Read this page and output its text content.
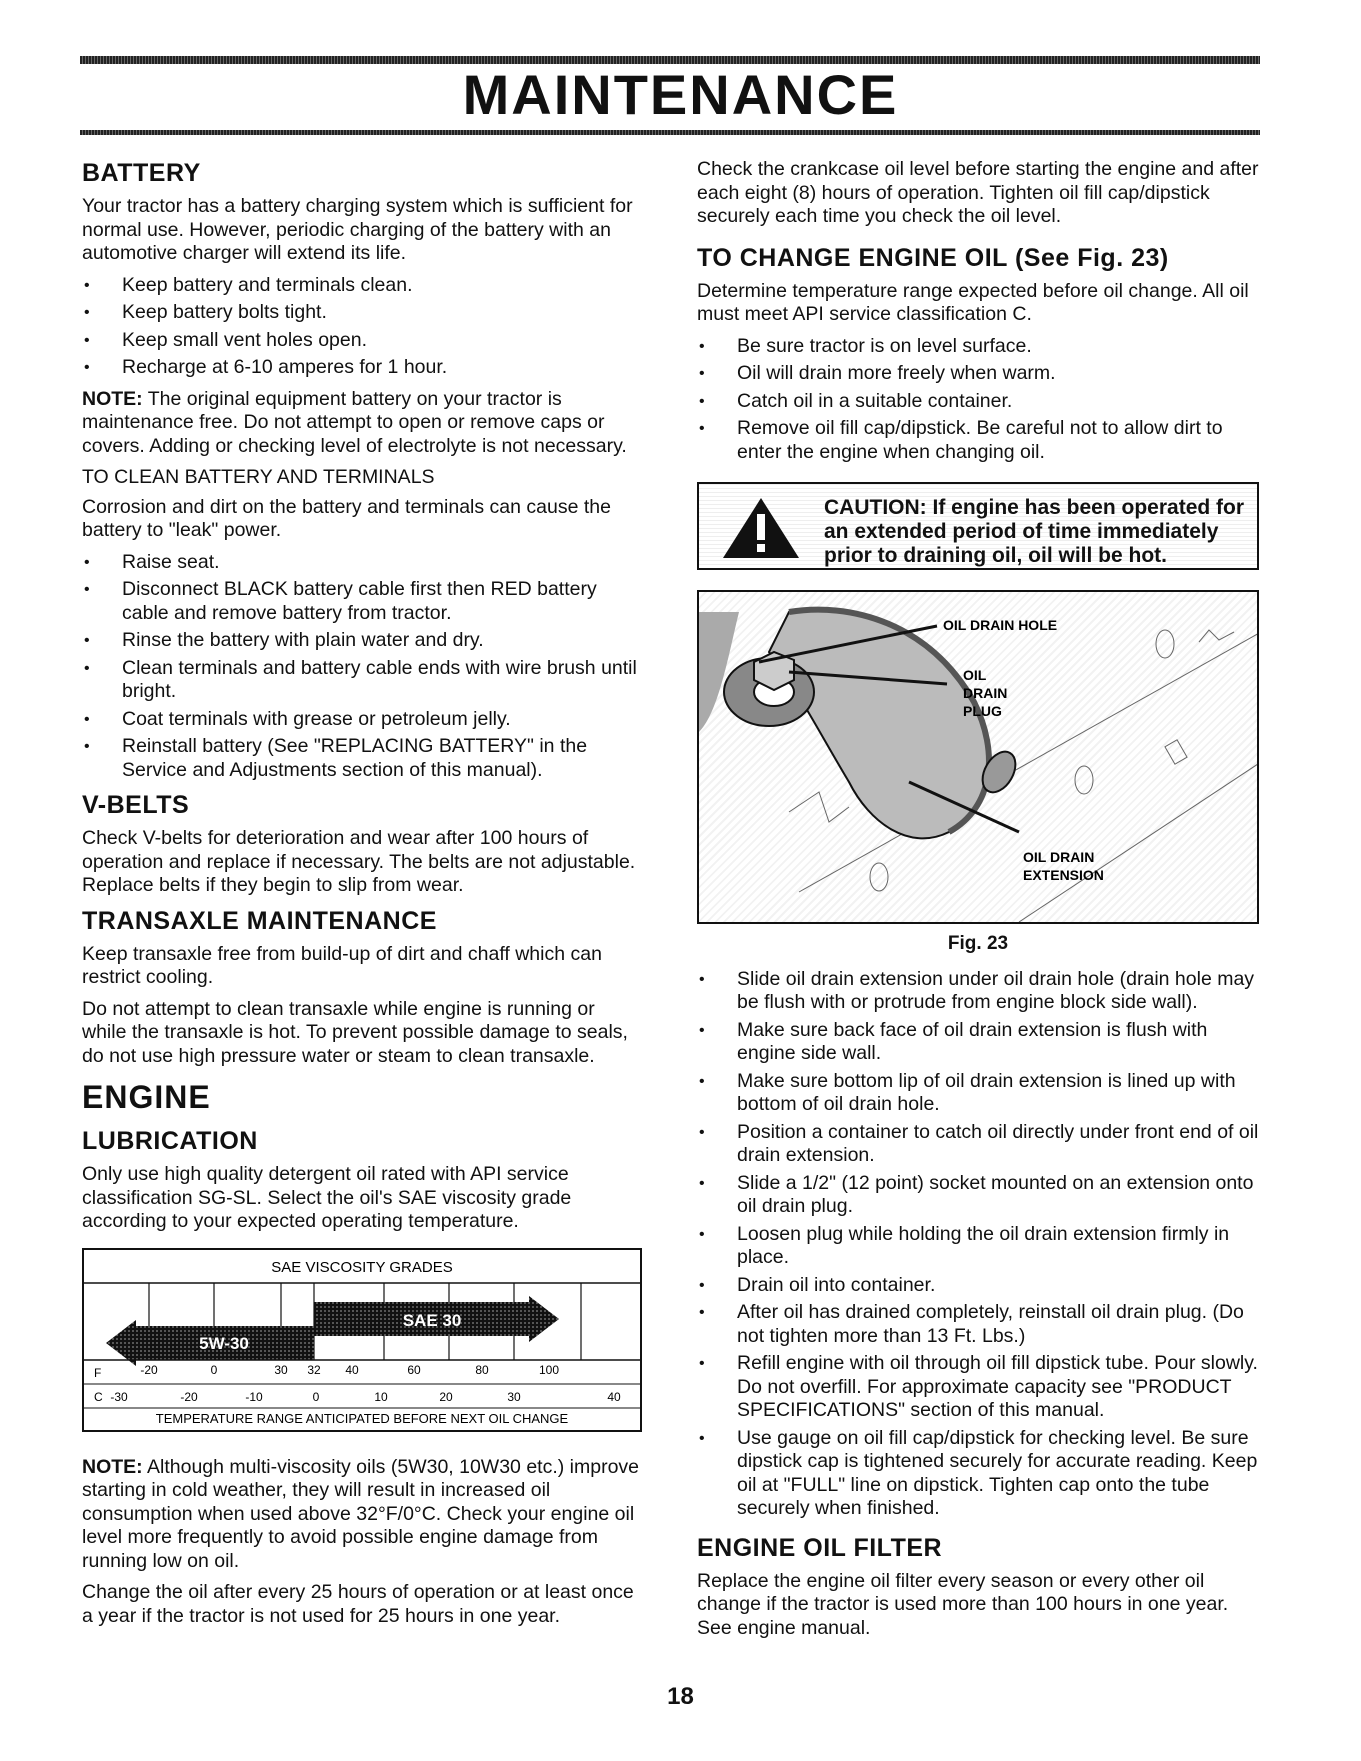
MAINTENANCE
BATTERY

Your tractor has a battery charging system which is sufficient for normal use. However, periodic charging of the battery with an automotive charger will extend its life.

• Keep battery and terminals clean.
• Keep battery bolts tight.
• Keep small vent holes open.
• Recharge at 6-10 amperes for 1 hour.

NOTE: The original equipment battery on your tractor is maintenance free. Do not attempt to open or remove caps or covers. Adding or checking level of electrolyte is not necessary.

TO CLEAN BATTERY AND TERMINALS

Corrosion and dirt on the battery and terminals can cause the battery to "leak" power.

• Raise seat.
• Disconnect BLACK battery cable first then RED battery cable and remove battery from tractor.
• Rinse the battery with plain water and dry.
• Clean terminals and battery cable ends with wire brush until bright.
• Coat terminals with grease or petroleum jelly.
• Reinstall battery (See "REPLACING BATTERY" in the Service and Adjustments section of this manual).
V-BELTS

Check V-belts for deterioration and wear after 100 hours of operation and replace if necessary. The belts are not adjustable. Replace belts if they begin to slip from wear.

TRANSAXLE MAINTENANCE

Keep transaxle free from build-up of dirt and chaff which can restrict cooling.

Do not attempt to clean transaxle while engine is running or while the transaxle is hot. To prevent possible damage to seals, do not use high pressure water or steam to clean transaxle.

ENGINE
LUBRICATION

Only use high quality detergent oil rated with API service classification SG-SL. Select the oil's SAE viscosity grade according to your expected operating temperature.

SAE VISCOSITY GRADES
SAE 30
5W-30
F	-20	0	30 32 40	60	80	100
C -30	-20	-10	0	10	20	30	40
TEMPERATURE RANGE ANTICIPATED BEFORE NEXT OIL CHANGE

NOTE: Although multi-viscosity oils (5W30, 10W30 etc.) improve starting in cold weather, they will result in increased oil consumption when used above 32°F/0°C. Check your engine oil level more frequently to avoid possible engine damage from running low on oil.

Change the oil after every 25 hours of operation or at least once a year if the tractor is not used for 25 hours in one year.

Check the crankcase oil level before starting the engine and after each eight (8) hours of operation. Tighten oil fill cap/dipstick securely each time you check the oil level.

TO CHANGE ENGINE OIL (See Fig. 23)

Determine temperature range expected before oil change. All oil must meet API service classification C.

• Be sure tractor is on level surface.
• Oil will drain more freely when warm.
• Catch oil in a suitable container.
• Remove oil fill cap/dipstick. Be careful not to allow dirt to enter the engine when changing oil.
CAUTION: If engine has been operated for an extended period of time immediately prior to draining oil, oil will be hot.
OIL DRAIN HOLE
OIL
DRAIN
PLUG
OIL DRAIN
EXTENSION
Fig. 23
• Slide oil drain extension under oil drain hole (drain hole may be flush with or protrude from engine block side wall).
• Make sure back face of oil drain extension is flush with engine side wall.
• Make sure bottom lip of oil drain extension is lined up with bottom of oil drain hole.
• Position a container to catch oil directly under front end of oil drain extension.
• Slide a 1/2" (12 point) socket mounted on an extension onto oil drain plug.
• Loosen plug while holding the oil drain extension firmly in place.
• Drain oil into container.
• After oil has drained completely, reinstall oil drain plug. (Do not tighten more than 13 Ft. Lbs.)
• Refill engine with oil through oil fill dipstick tube. Pour slowly. Do not overfill. For approximate capacity see "PRODUCT SPECIFICATIONS" section of this manual.
• Use gauge on oil fill cap/dipstick for checking level. Be sure dipstick cap is tightened securely for accurate reading. Keep oil at "FULL" line on dipstick. Tighten cap onto the tube securely when finished.
ENGINE OIL FILTER

Replace the engine oil filter every season or every other oil change if the tractor is used more than 100 hours in one year. See engine manual.

18
